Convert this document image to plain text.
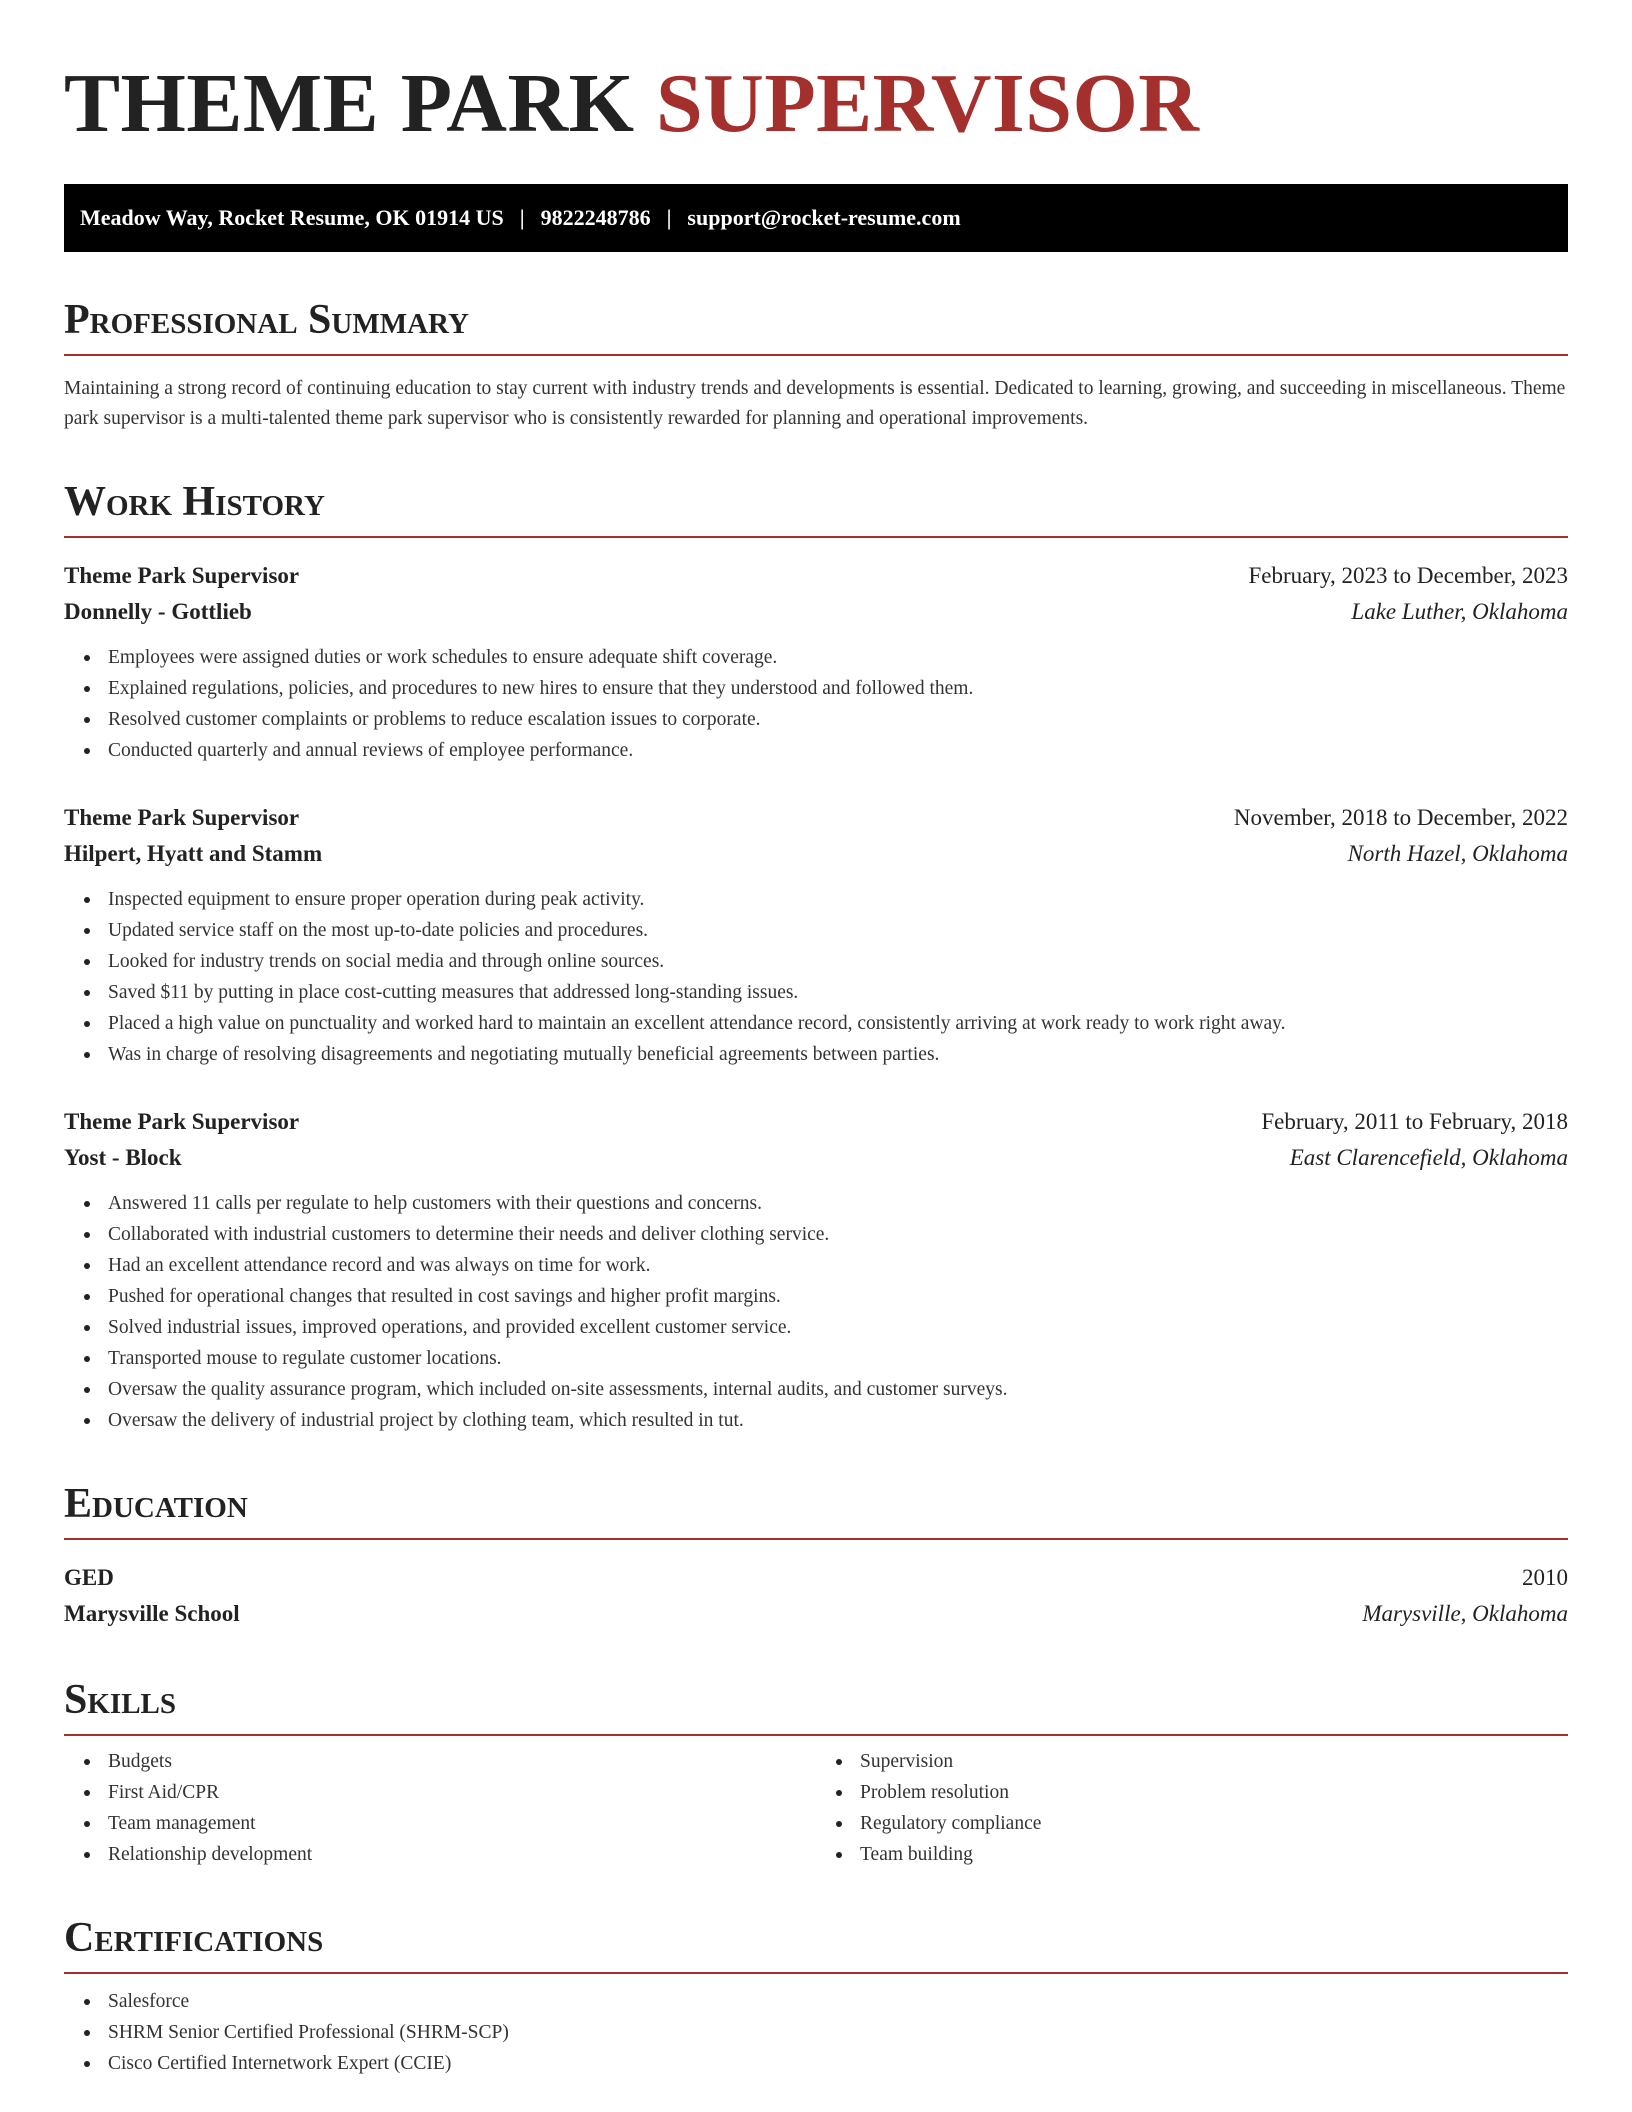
THEME PARK SUPERVISOR
Meadow Way, Rocket Resume, OK 01914 US | 9822248786 | support@rocket-resume.com
Professional Summary

Maintaining a strong record of continuing education to stay current with industry trends and developments is essential. Dedicated to learning, growing, and succeeding in miscellaneous. Theme park supervisor is a multi-talented theme park supervisor who is consistently rewarded for planning and operational improvements.

Work History
Theme Park Supervisor	February, 2023 to December, 2023
Donnelly - Gottlieb	Lake Luther, Oklahoma
Employees were assigned duties or work schedules to ensure adequate shift coverage.
Explained regulations, policies, and procedures to new hires to ensure that they understood and followed them.
Resolved customer complaints or problems to reduce escalation issues to corporate.
Conducted quarterly and annual reviews of employee performance.
Theme Park Supervisor	November, 2018 to December, 2022
Hilpert, Hyatt and Stamm	North Hazel, Oklahoma
Inspected equipment to ensure proper operation during peak activity.
Updated service staff on the most up-to-date policies and procedures.
Looked for industry trends on social media and through online sources.
Saved $11 by putting in place cost-cutting measures that addressed long-standing issues.
Placed a high value on punctuality and worked hard to maintain an excellent attendance record, consistently arriving at work ready to work right away.
Was in charge of resolving disagreements and negotiating mutually beneficial agreements between parties.
Theme Park Supervisor	February, 2011 to February, 2018
Yost - Block	East Clarencefield, Oklahoma
Answered 11 calls per regulate to help customers with their questions and concerns.
Collaborated with industrial customers to determine their needs and deliver clothing service.
Had an excellent attendance record and was always on time for work.
Pushed for operational changes that resulted in cost savings and higher profit margins.
Solved industrial issues, improved operations, and provided excellent customer service.
Transported mouse to regulate customer locations.
Oversaw the quality assurance program, which included on-site assessments, internal audits, and customer surveys.
Oversaw the delivery of industrial project by clothing team, which resulted in tut.
Education
GED	2010
Marysville School	Marysville, Oklahoma
Skills
Budgets
First Aid/CPR
Team management
Relationship development
Supervision
Problem resolution
Regulatory compliance
Team building
Certifications
Salesforce
SHRM Senior Certified Professional (SHRM-SCP)
Cisco Certified Internetwork Expert (CCIE)
